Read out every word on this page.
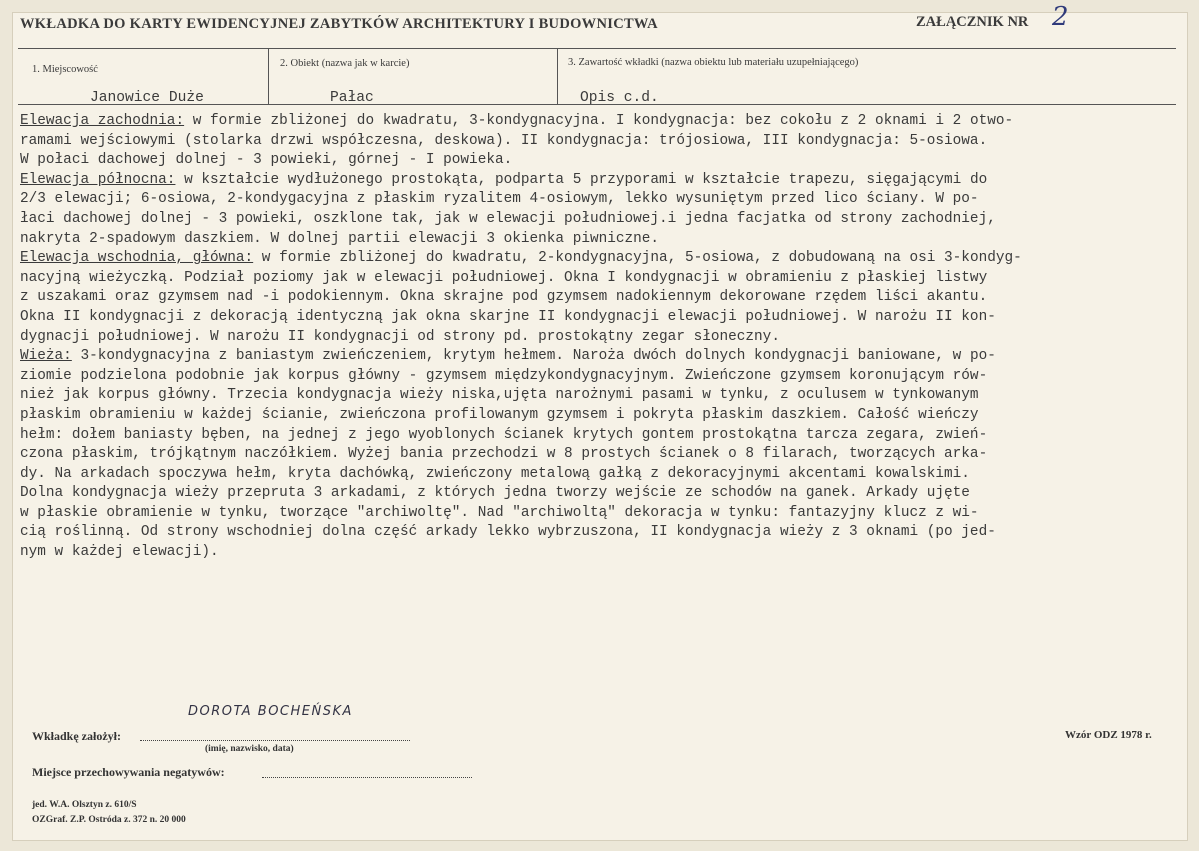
WKŁADKA DO KARTY EWIDENCYJNEJ ZABYTKÓW ARCHITEKTURY I BUDOWNICTWA	ZAŁĄCZNIK NR 2
1. Miejscowość
2. Obiekt (nazwa jak w karcie)	3. Zawartość wkładki (nazwa obiektu lub materiału uzupełniającego)
Janowice Duże	Pałac	Opis c.d.

Elewacja zachodnia: w formie zbliżonej do kwadratu, 3-kondygnacyjna. I kondygnacja: bez cokołu z 2 oknami i 2 otwo-
ramami wejściowymi (stolarka drzwi współczesna, deskowa). II kondygnacja: trójosiowa, III kondygnacja: 5-osiowa.
W połaci dachowej dolnej - 3 powieki, górnej - I powieka.

Elewacja północna: w kształcie wydłużonego prostokąta, podparta 5 przyporami w kształcie trapezu, sięgającymi do
2/3 elewacji; 6-osiowa, 2-kondygacyjna z płaskim ryzalitem 4-osiowym, lekko wysuniętym przed lico ściany. W po-
łaci dachowej dolnej - 3 powieki, oszklone tak, jak w elewacji południowej.i jedna facjatka od strony zachodniej,
nakryta 2-spadowym daszkiem. W dolnej partii elewacji 3 okienka piwniczne.

Elewacja wschodnia, główna: w formie zbliżonej do kwadratu, 2-kondygnacyjna, 5-osiowa, z dobudowaną na osi 3-kondyg-
nacyjną wieżyczką. Podział poziomy jak w elewacji południowej. Okna I kondygnacji w obramieniu z płaskiej listwy
z uszakami oraz gzymsem nad -i podokiennym. Okna skrajne pod gzymsem nadokiennym dekorowane rzędem liści akantu.
Okna II kondygnacji z dekoracją identyczną jak okna skarjne II kondygnacji elewacji południowej. W narożu II kon-
dygnacji południowej. W narożu II kondygnacji od strony pd. prostokątny zegar słoneczny.

Wieża: 3-kondygnacyjna z baniastym zwieńczeniem, krytym hełmem. Naroża dwóch dolnych kondygnacji baniowane, w po-
ziomie podzielona podobnie jak korpus główny - gzymsem międzykondygnacyjnym. Zwieńczone gzymsem koronującym rów-
nież jak korpus główny. Trzecia kondygnacja wieży niska,ujęta narożnymi pasami w tynku, z oculusem w tynkowanym
płaskim obramieniu w każdej ścianie, zwieńczona profilowanym gzymsem i pokryta płaskim daszkiem. Całość wieńczy
hełm: dołem baniasty bęben, na jednej z jego wyoblonych ścianek krytych gontem prostokątna tarcza zegara, zwień-
czona płaskim, trójkątnym naczółkiem. Wyżej bania przechodzi w 8 prostych ścianek o 8 filarach, tworzących arka-
dy. Na arkadach spoczywa hełm, kryta dachówką, zwieńczony metalową gałką z dekoracyjnymi akcentami kowalskimi.
Dolna kondygnacja wieży przepruta 3 arkadami, z których jedna tworzy wejście ze schodów na ganek. Arkady ujęte
w płaskie obramienie w tynku, tworzące "archiwoltę". Nad "archiwoltą" dekoracja w tynku: fantazyjny klucz z wi-
cią roślinną. Od strony wschodniej dolna część arkady lekko wybrzuszona, II kondygnacja wieży z 3 oknami (po jed-
nym w każdej elewacji).

Wkładkę założył:
DOROTA BOCHEŃSKA
(imię, nazwisko, data)
Wzór ODZ 1978 r.
Miejsce przechowywania negatywów:
jed. W.A. Olsztyn z. 610/S
OZGraf. Z.P. Ostróda z. 372 n. 20 000
